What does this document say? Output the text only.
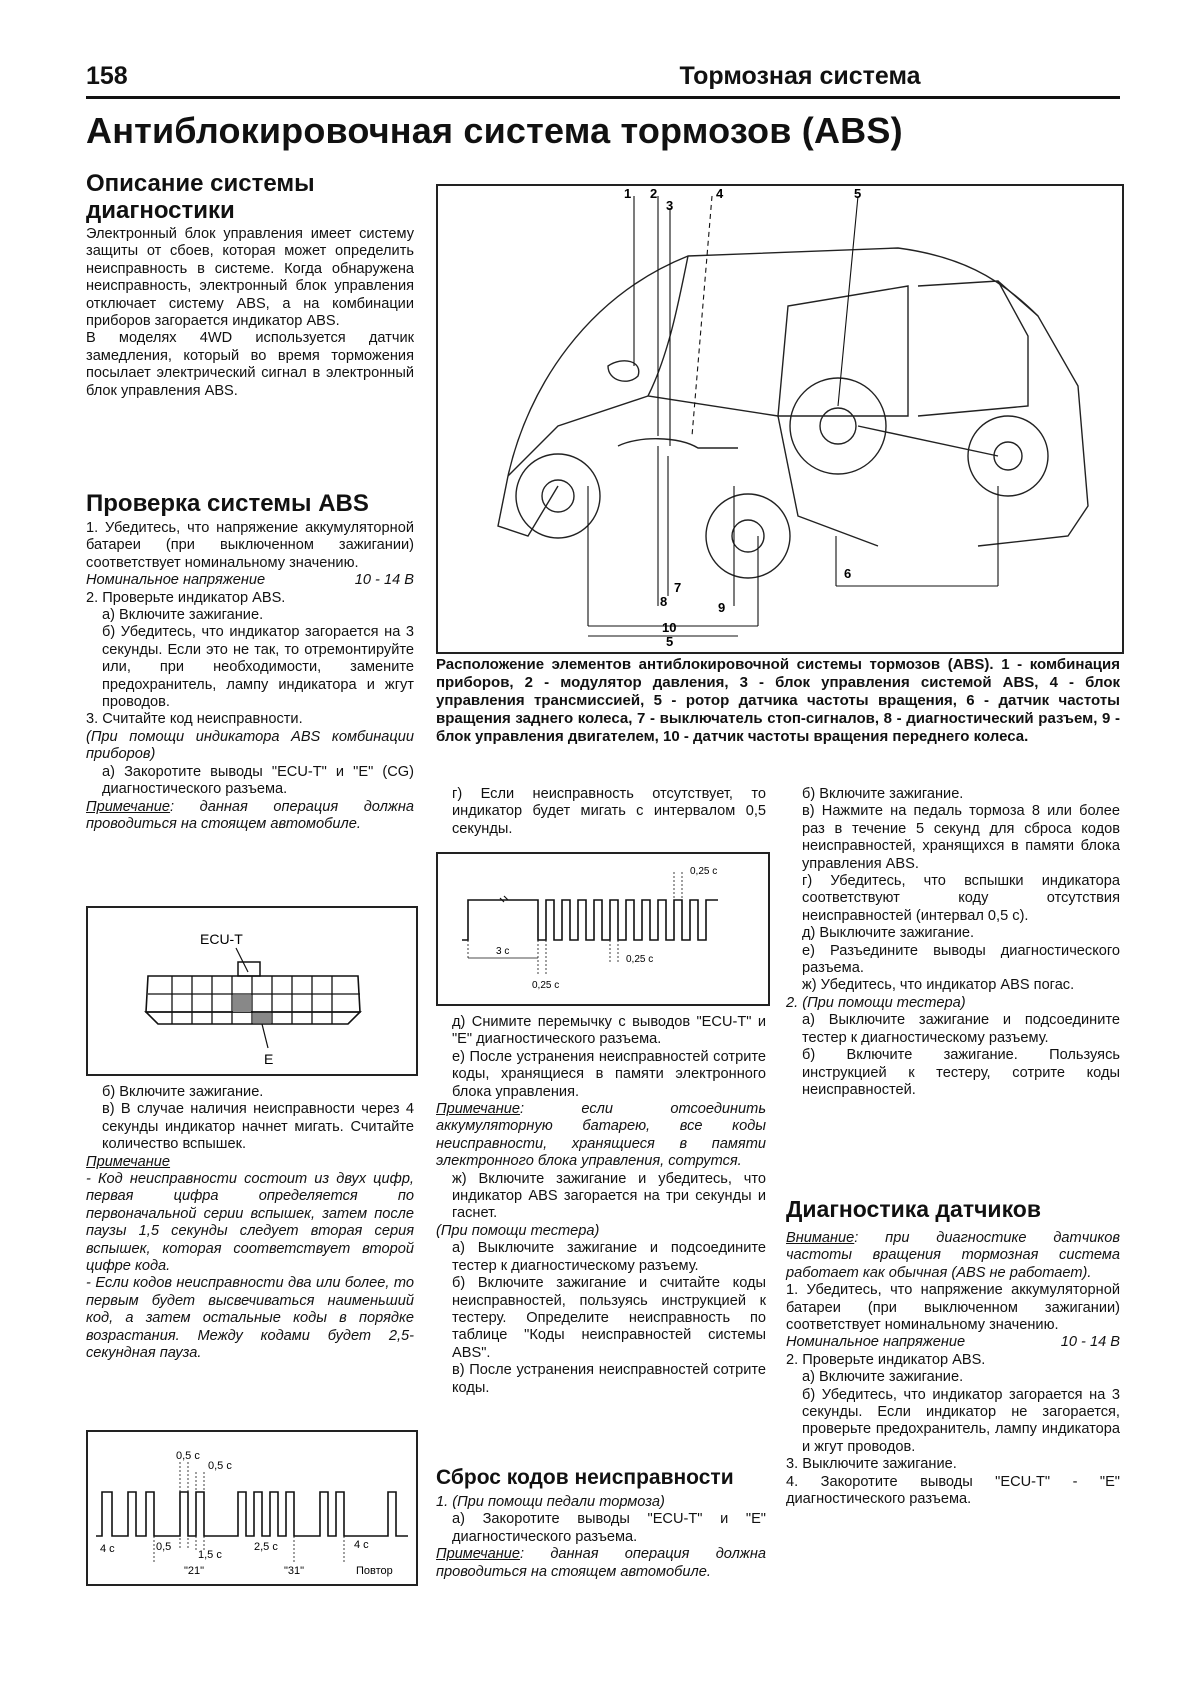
158	Тормозная система
Антиблокировочная система тормозов (ABS)
Описание системы диагностики

Электронный блок управления имеет систему защиты от сбоев, которая может определить неисправность в системе. Когда обнаружена неисправность, электронный блок управления отключает систему ABS, а на комбинации приборов загорается индикатор ABS.

В моделях 4WD используется датчик замедления, который во время торможения посылает электрический сигнал в электронный блок управления ABS.

Проверка системы ABS

1. Убедитесь, что напряжение аккумуляторной батареи (при выключенном зажигании) соответствует номинальному значению.

Номинальное напряжение	10 - 14 В

2. Проверьте индикатор ABS.

а) Включите зажигание.

б) Убедитесь, что индикатор загорается на 3 секунды. Если это не так, то отремонтируйте или, при необходимости, замените предохранитель, лампу индикатора и жгут проводов.

3. Считайте код неисправности.

(При помощи индикатора ABS комбинации приборов)

а) Закоротите выводы "ECU-T" и "E" (CG) диагностического разъема.

Примечание: данная операция должна проводиться на стоящем автомобиле.

ECU-T
E

б) Включите зажигание.

в) В случае наличия неисправности через 4 секунды индикатор начнет мигать. Считайте количество вспышек.

Примечание

- Код неисправности состоит из двух цифр, первая цифра определяется по первоначальной серии вспышек, затем после паузы 1,5 секунды следует вторая серия вспышек, которая соответствует второй цифре кода.

- Если кодов неисправности два или более, то первым будет высвечиваться наименьший код, а затем остальные коды в порядке возрастания. Между кодами будет 2,5-секундная пауза.

0,5 с
0,5 с
4 с	0,5
1,5 с
2,5 с	4 с
"21"	"31"	Повтор
1 2
3
4	5
6
7
8	9
10
5
Расположение элементов антиблокировочной системы тормозов (ABS). 1 - комбинация приборов, 2 - модулятор давления, 3 - блок управления системой ABS, 4 - блок управления трансмиссией, 5 - ротор датчика частоты вращения, 6 - датчик частоты вращения заднего колеса, 7 - выключатель стоп-сигналов, 8 - диагностический разъем, 9 - блок управления двигателем, 10 - датчик частоты вращения переднего колеса.

г) Если неисправность отсутствует, то индикатор будет мигать с интервалом 0,5 секунды.

0,25 с
3 с
0,25 с
0,25 с

д) Снимите перемычку с выводов "ECU-T" и "E" диагностического разъема.

е) После устранения неисправностей сотрите коды, хранящиеся в памяти электронного блока управления.

Примечание: если отсоединить аккумуляторную батарею, все коды неисправности, хранящиеся в памяти электронного блока управления, сотрутся.

ж) Включите зажигание и убедитесь, что индикатор ABS загорается на три секунды и гаснет.

(При помощи тестера)

а) Выключите зажигание и подсоедините тестер к диагностическому разъему.

б) Включите зажигание и считайте коды неисправностей, пользуясь инструкцией к тестеру. Определите неисправность по таблице "Коды неисправностей системы ABS".

в) После устранения неисправностей сотрите коды.

Сброс кодов неисправности

1. (При помощи педали тормоза)

а) Закоротите выводы "ECU-T" и "E" диагностического разъема.

Примечание: данная операция должна проводиться на стоящем автомобиле.

б) Включите зажигание.

в) Нажмите на педаль тормоза 8 или более раз в течение 5 секунд для сброса кодов неисправностей, хранящихся в памяти блока управления ABS.

г) Убедитесь, что вспышки индикатора соответствуют коду отсутствия неисправностей (интервал 0,5 с).

д) Выключите зажигание.

е) Разъедините выводы диагностического разъема.

ж) Убедитесь, что индикатор ABS погас.

2. (При помощи тестера)

а) Выключите зажигание и подсоедините тестер к диагностическому разъему.

б) Включите зажигание. Пользуясь инструкцией к тестеру, сотрите коды неисправностей.

Диагностика датчиков

Внимание: при диагностике датчиков частоты вращения тормозная система работает как обычная (ABS не работает).

1. Убедитесь, что напряжение аккумуляторной батареи (при выключенном зажигании) соответствует номинальному значению.

Номинальное напряжение	10 - 14 В

2. Проверьте индикатор ABS.

а) Включите зажигание.

б) Убедитесь, что индикатор загорается на 3 секунды. Если индикатор не загорается, проверьте предохранитель, лампу индикатора и жгут проводов.

3. Выключите зажигание.

4. Закоротите выводы "ECU-T" - "E" диагностического разъема.
